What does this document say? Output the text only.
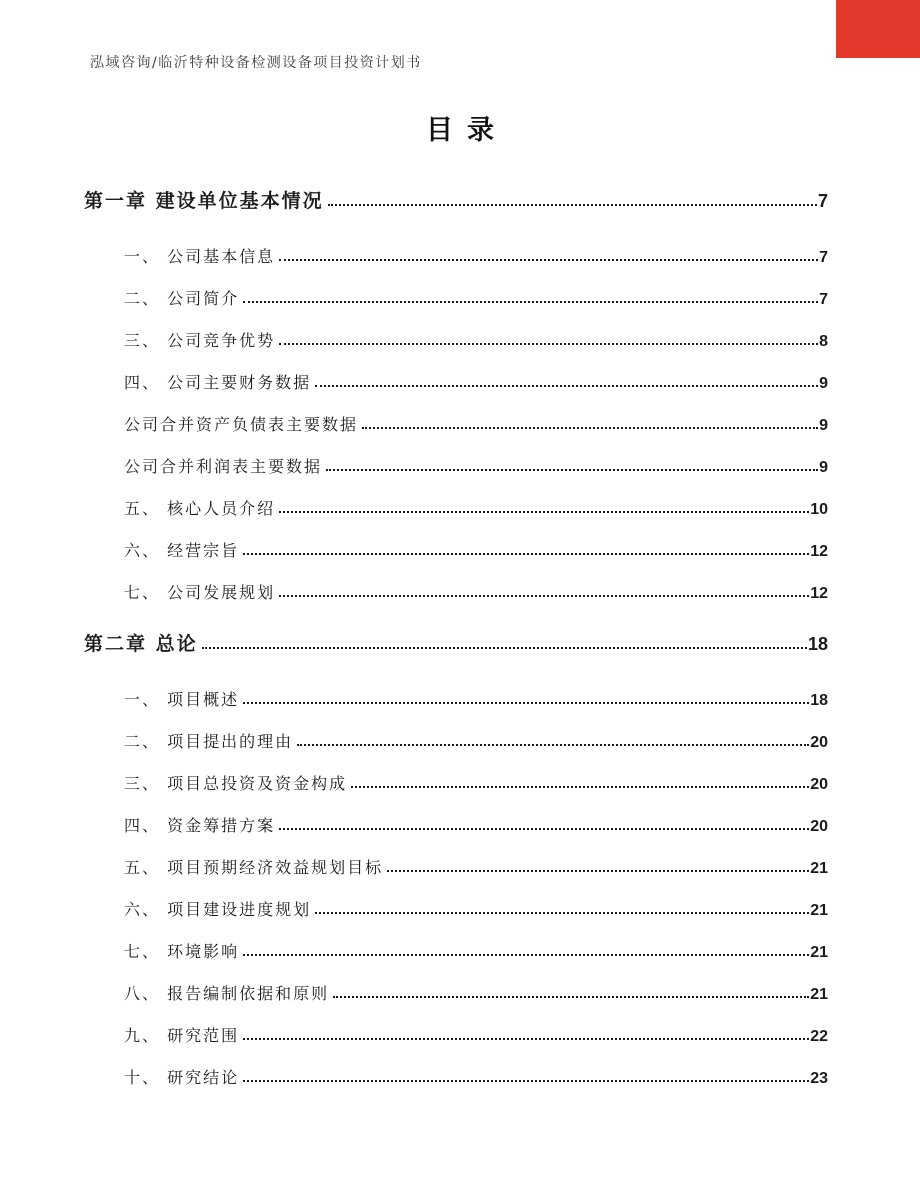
泓域咨询/临沂特种设备检测设备项目投资计划书
目录
第一章 建设单位基本情况	7
一、 公司基本信息	7
二、 公司简介	7
三、 公司竞争优势	8
四、 公司主要财务数据	9
公司合并资产负债表主要数据	9
公司合并利润表主要数据	9
五、 核心人员介绍	10
六、 经营宗旨	12
七、 公司发展规划	12
第二章 总论	18
一、 项目概述	18
二、 项目提出的理由	20
三、 项目总投资及资金构成	20
四、 资金筹措方案	20
五、 项目预期经济效益规划目标	21
六、 项目建设进度规划	21
七、 环境影响	21
八、 报告编制依据和原则	21
九、 研究范围	22
十、 研究结论	23
